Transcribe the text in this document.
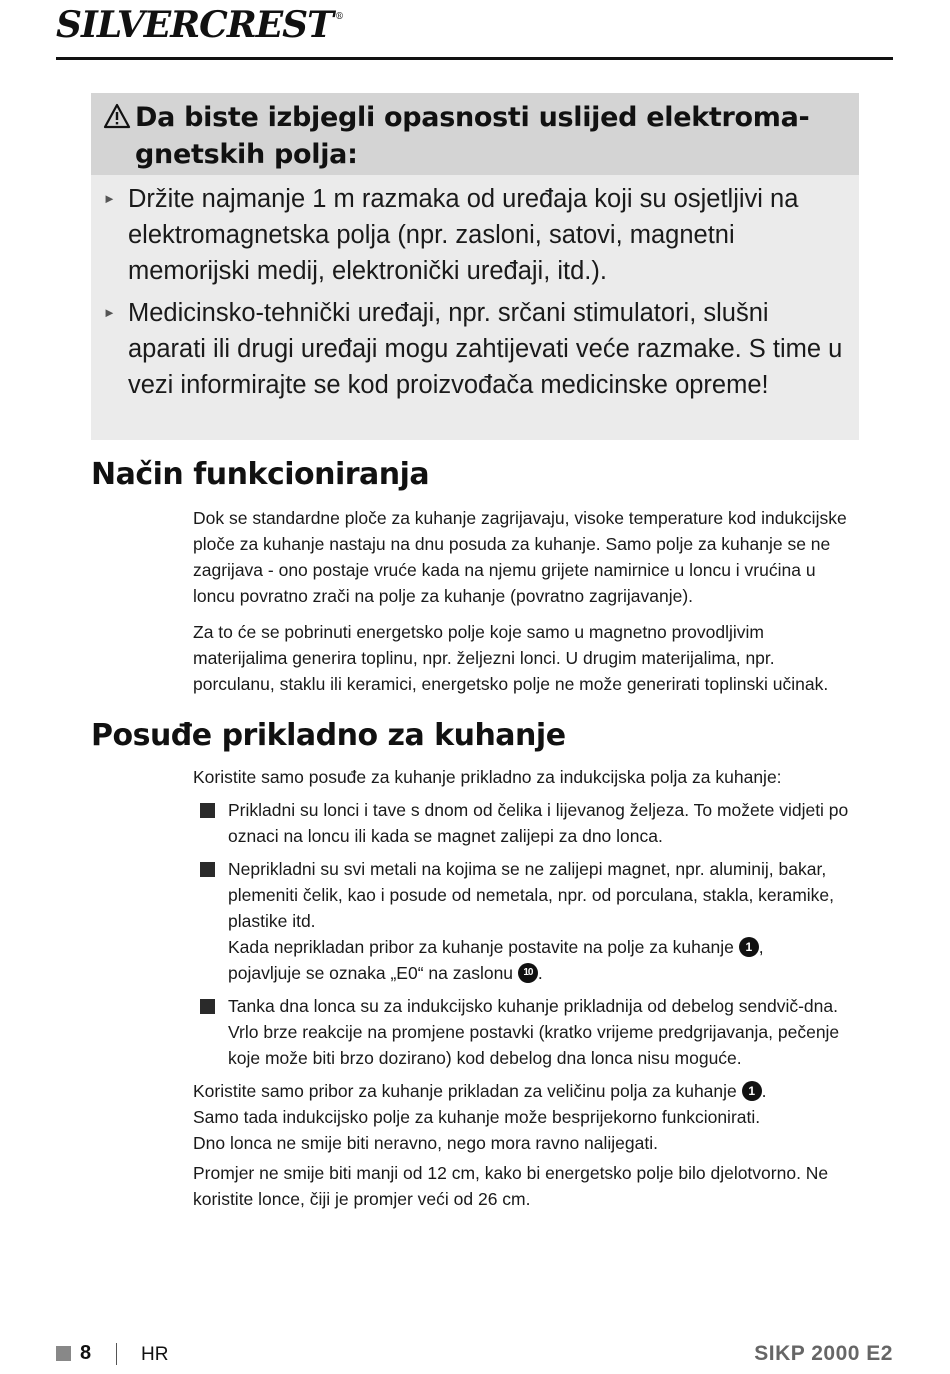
SILVERCREST ®
Da biste izbjegli opasnosti uslijed elektroma-
gnetskih polja:
► Držite najmanje 1 m razmaka od uređaja koji su osjetljivi na elektromagnetska polja (npr. zasloni, satovi, magnetni memorijski medij, elektronički uređaji, itd.).
► Medicinsko-tehnički uređaji, npr. srčani stimulatori, slušni aparati ili drugi uređaji mogu zahtijevati veće razmake. S time u vezi informirajte se kod proizvođača medicinske opreme!
Način funkcioniranja

Dok se standardne ploče za kuhanje zagrijavaju, visoke temperature kod indukcijske ploče za kuhanje nastaju na dnu posuda za kuhanje. Samo polje za kuhanje se ne zagrijava - ono postaje vruće kada na njemu grijete namirnice u loncu i vrućina u loncu povratno zrači na polje za kuhanje (povratno zagrijavanje).

Za to će se pobrinuti energetsko polje koje samo u magnetno provodljivim materijalima generira toplinu, npr. željezni lonci. U drugim materijalima, npr. porculanu, staklu ili keramici, energetsko polje ne može generirati toplinski učinak.

Posuđe prikladno za kuhanje

Koristite samo posuđe za kuhanje prikladno za indukcijska polja za kuhanje:

Prikladni su lonci i tave s dnom od čelika i lijevanog željeza. To možete vidjeti po oznaci na loncu ili kada se magnet zalijepi za dno lonca.
Neprikladni su svi metali na kojima se ne zalijepi magnet, npr. aluminij, bakar, plemeniti čelik, kao i posude od nemetala, npr. od porculana, stakla, keramike, plastike itd.
Kada neprikladan pribor za kuhanje postavite na polje za kuhanje 1 ,
pojavljuje se oznaka „E0“ na zaslonu 10 .
Tanka dna lonca su za indukcijsko kuhanje prikladnija od debelog sendvič-dna. Vrlo brze reakcije na promjene postavki (kratko vrijeme predgrijavanja, pečenje koje može biti brzo dozirano) kod debelog dna lonca nisu moguće.

Koristite samo pribor za kuhanje prikladan za veličinu polja za kuhanje 1 .
Samo tada indukcijsko polje za kuhanje može besprijekorno funkcionirati.
Dno lonca ne smije biti neravno, nego mora ravno nalijegati.

Promjer ne smije biti manji od 12 cm, kako bi energetsko polje bilo djelotvorno. Ne koristite lonce, čiji je promjer veći od 26 cm.

8	HR	SIKP 2000 E2
